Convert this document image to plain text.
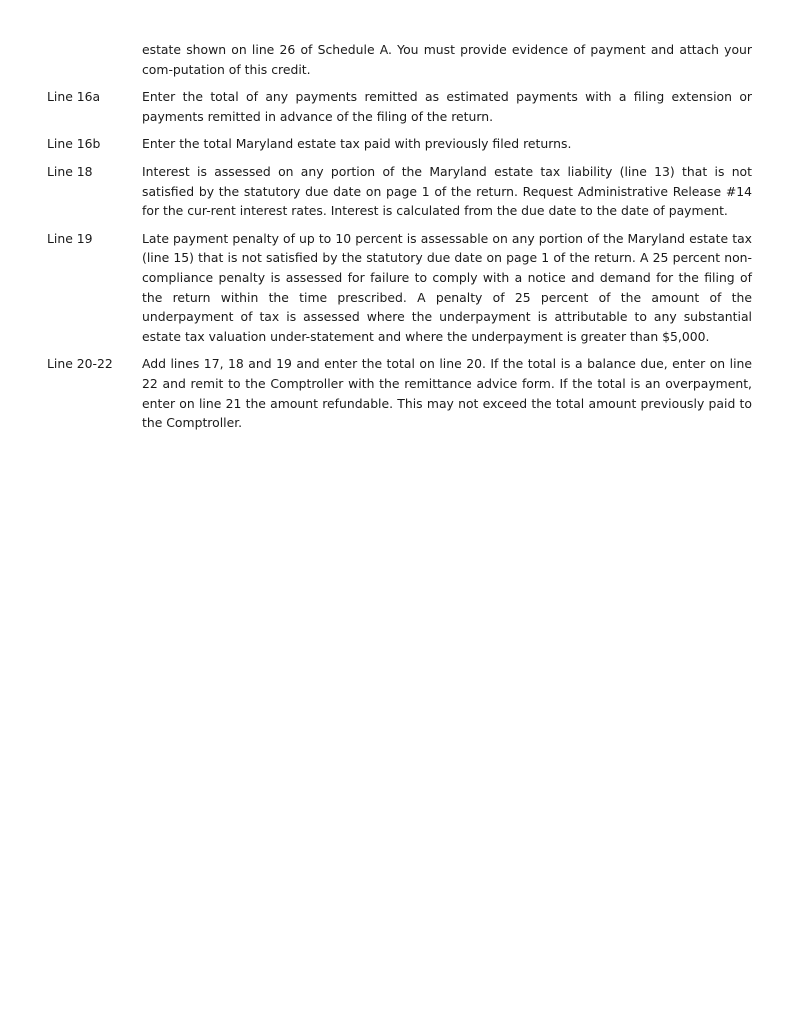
estate shown on line 26 of Schedule A. You must provide evidence of payment and attach your com-putation of this credit.
Line 16a	Enter the total of any payments remitted as estimated payments with a filing extension or payments remitted in advance of the filing of the return.
Line 16b	Enter the total Maryland estate tax paid with previously filed returns.
Line 18	Interest is assessed on any portion of the Maryland estate tax liability (line 13) that is not satisfied by the statutory due date on page 1 of the return. Request Administrative Release #14 for the cur-rent interest rates. Interest is calculated from the due date to the date of payment.
Line 19	Late payment penalty of up to 10 percent is assessable on any portion of the Maryland estate tax (line 15) that is not satisfied by the statutory due date on page 1 of the return. A 25 percent non-compliance penalty is assessed for failure to comply with a notice and demand for the filing of the return within the time prescribed. A penalty of 25 percent of the amount of the underpayment of tax is assessed where the underpayment is attributable to any substantial estate tax valuation under-statement and where the underpayment is greater than $5,000.
Line 20-22	Add lines 17, 18 and 19 and enter the total on line 20. If the total is a balance due, enter on line 22 and remit to the Comptroller with the remittance advice form. If the total is an overpayment, enter on line 21 the amount refundable. This may not exceed the total amount previously paid to the Comptroller.
